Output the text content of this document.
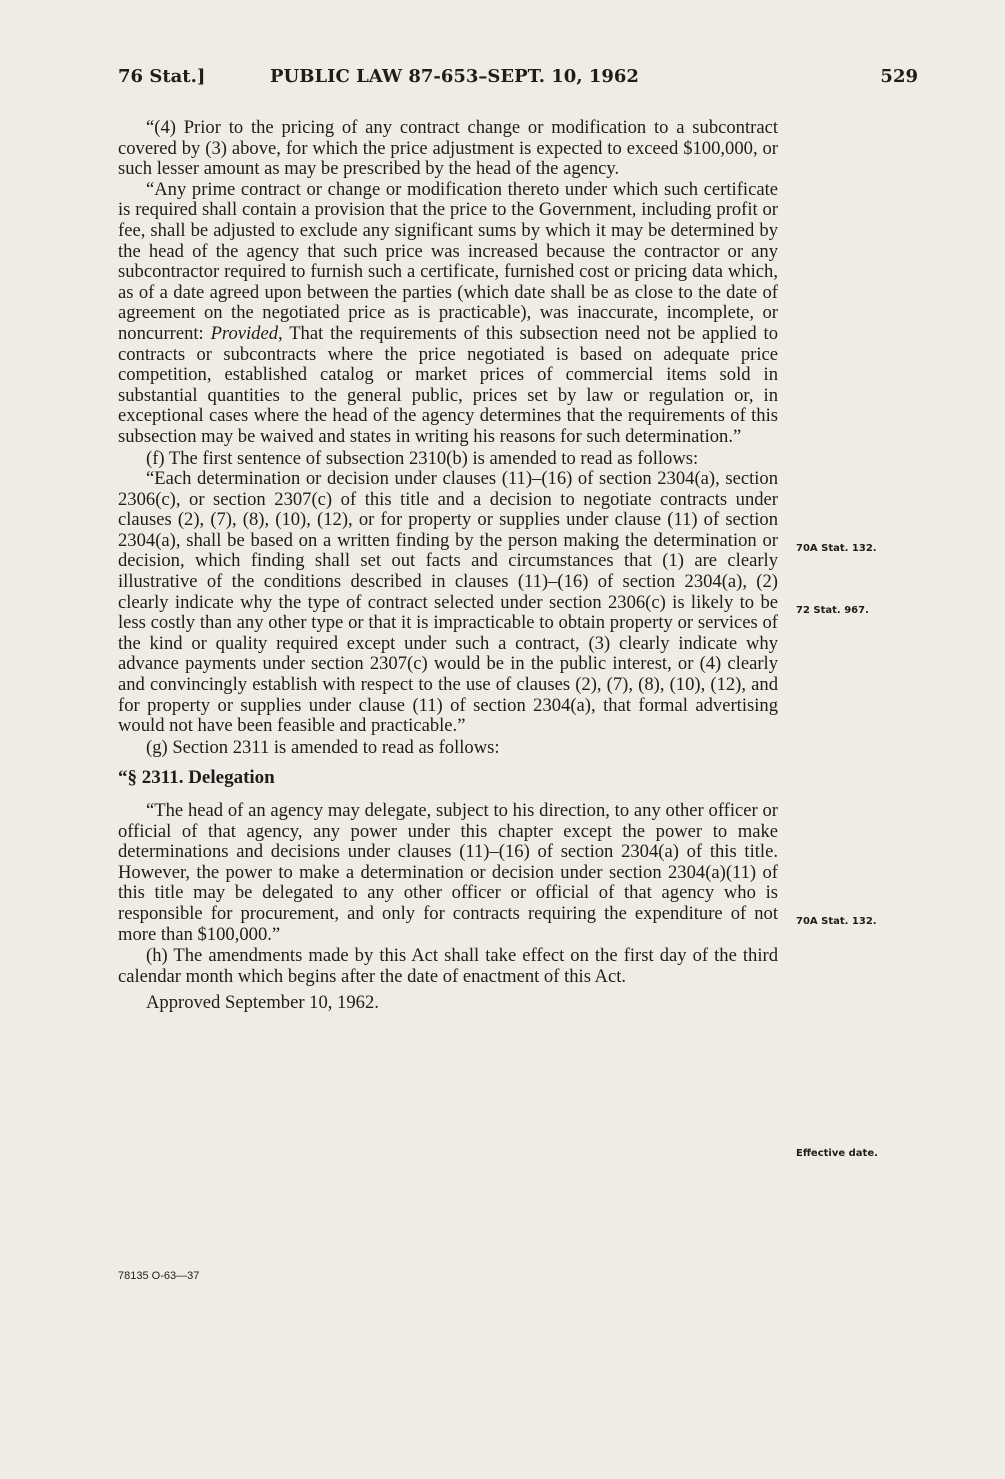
76 Stat.]	PUBLIC LAW 87-653–SEPT. 10, 1962	529

“(4) Prior to the pricing of any contract change or modification to a subcontract covered by (3) above, for which the price adjustment is expected to exceed $100,000, or such lesser amount as may be prescribed by the head of the agency.

“Any prime contract or change or modification thereto under which such certificate is required shall contain a provision that the price to the Government, including profit or fee, shall be adjusted to exclude any significant sums by which it may be determined by the head of the agency that such price was increased because the contractor or any subcontractor required to furnish such a certificate, furnished cost or pricing data which, as of a date agreed upon between the parties (which date shall be as close to the date of agreement on the negotiated price as is practicable), was inaccurate, incomplete, or noncurrent: Provided, That the requirements of this subsection need not be applied to contracts or subcontracts where the price negotiated is based on adequate price competition, established catalog or market prices of commercial items sold in substantial quantities to the general public, prices set by law or regulation or, in exceptional cases where the head of the agency determines that the requirements of this subsection may be waived and states in writing his reasons for such determination.”

(f) The first sentence of subsection 2310(b) is amended to read as follows:

“Each determination or decision under clauses (11)–(16) of section 2304(a), section 2306(c), or section 2307(c) of this title and a decision to negotiate contracts under clauses (2), (7), (8), (10), (12), or for property or supplies under clause (11) of section 2304(a), shall be based on a written finding by the person making the determination or decision, which finding shall set out facts and circumstances that (1) are clearly illustrative of the conditions described in clauses (11)–(16) of section 2304(a), (2) clearly indicate why the type of contract selected under section 2306(c) is likely to be less costly than any other type or that it is impracticable to obtain property or services of the kind or quality required except under such a contract, (3) clearly indicate why advance payments under section 2307(c) would be in the public interest, or (4) clearly and convincingly establish with respect to the use of clauses (2), (7), (8), (10), (12), and for property or supplies under clause (11) of section 2304(a), that formal advertising would not have been feasible and practicable.”

(g) Section 2311 is amended to read as follows:

“§ 2311. Delegation

“The head of an agency may delegate, subject to his direction, to any other officer or official of that agency, any power under this chapter except the power to make determinations and decisions under clauses (11)–(16) of section 2304(a) of this title. However, the power to make a determination or decision under section 2304(a)(11) of this title may be delegated to any other officer or official of that agency who is responsible for procurement, and only for contracts requiring the expenditure of not more than $100,000.”

(h) The amendments made by this Act shall take effect on the first day of the third calendar month which begins after the date of enactment of this Act.

Approved September 10, 1962.

70A Stat. 132.
72 Stat. 967.
70A Stat. 132.
Effective date.
78135 O-63—37
